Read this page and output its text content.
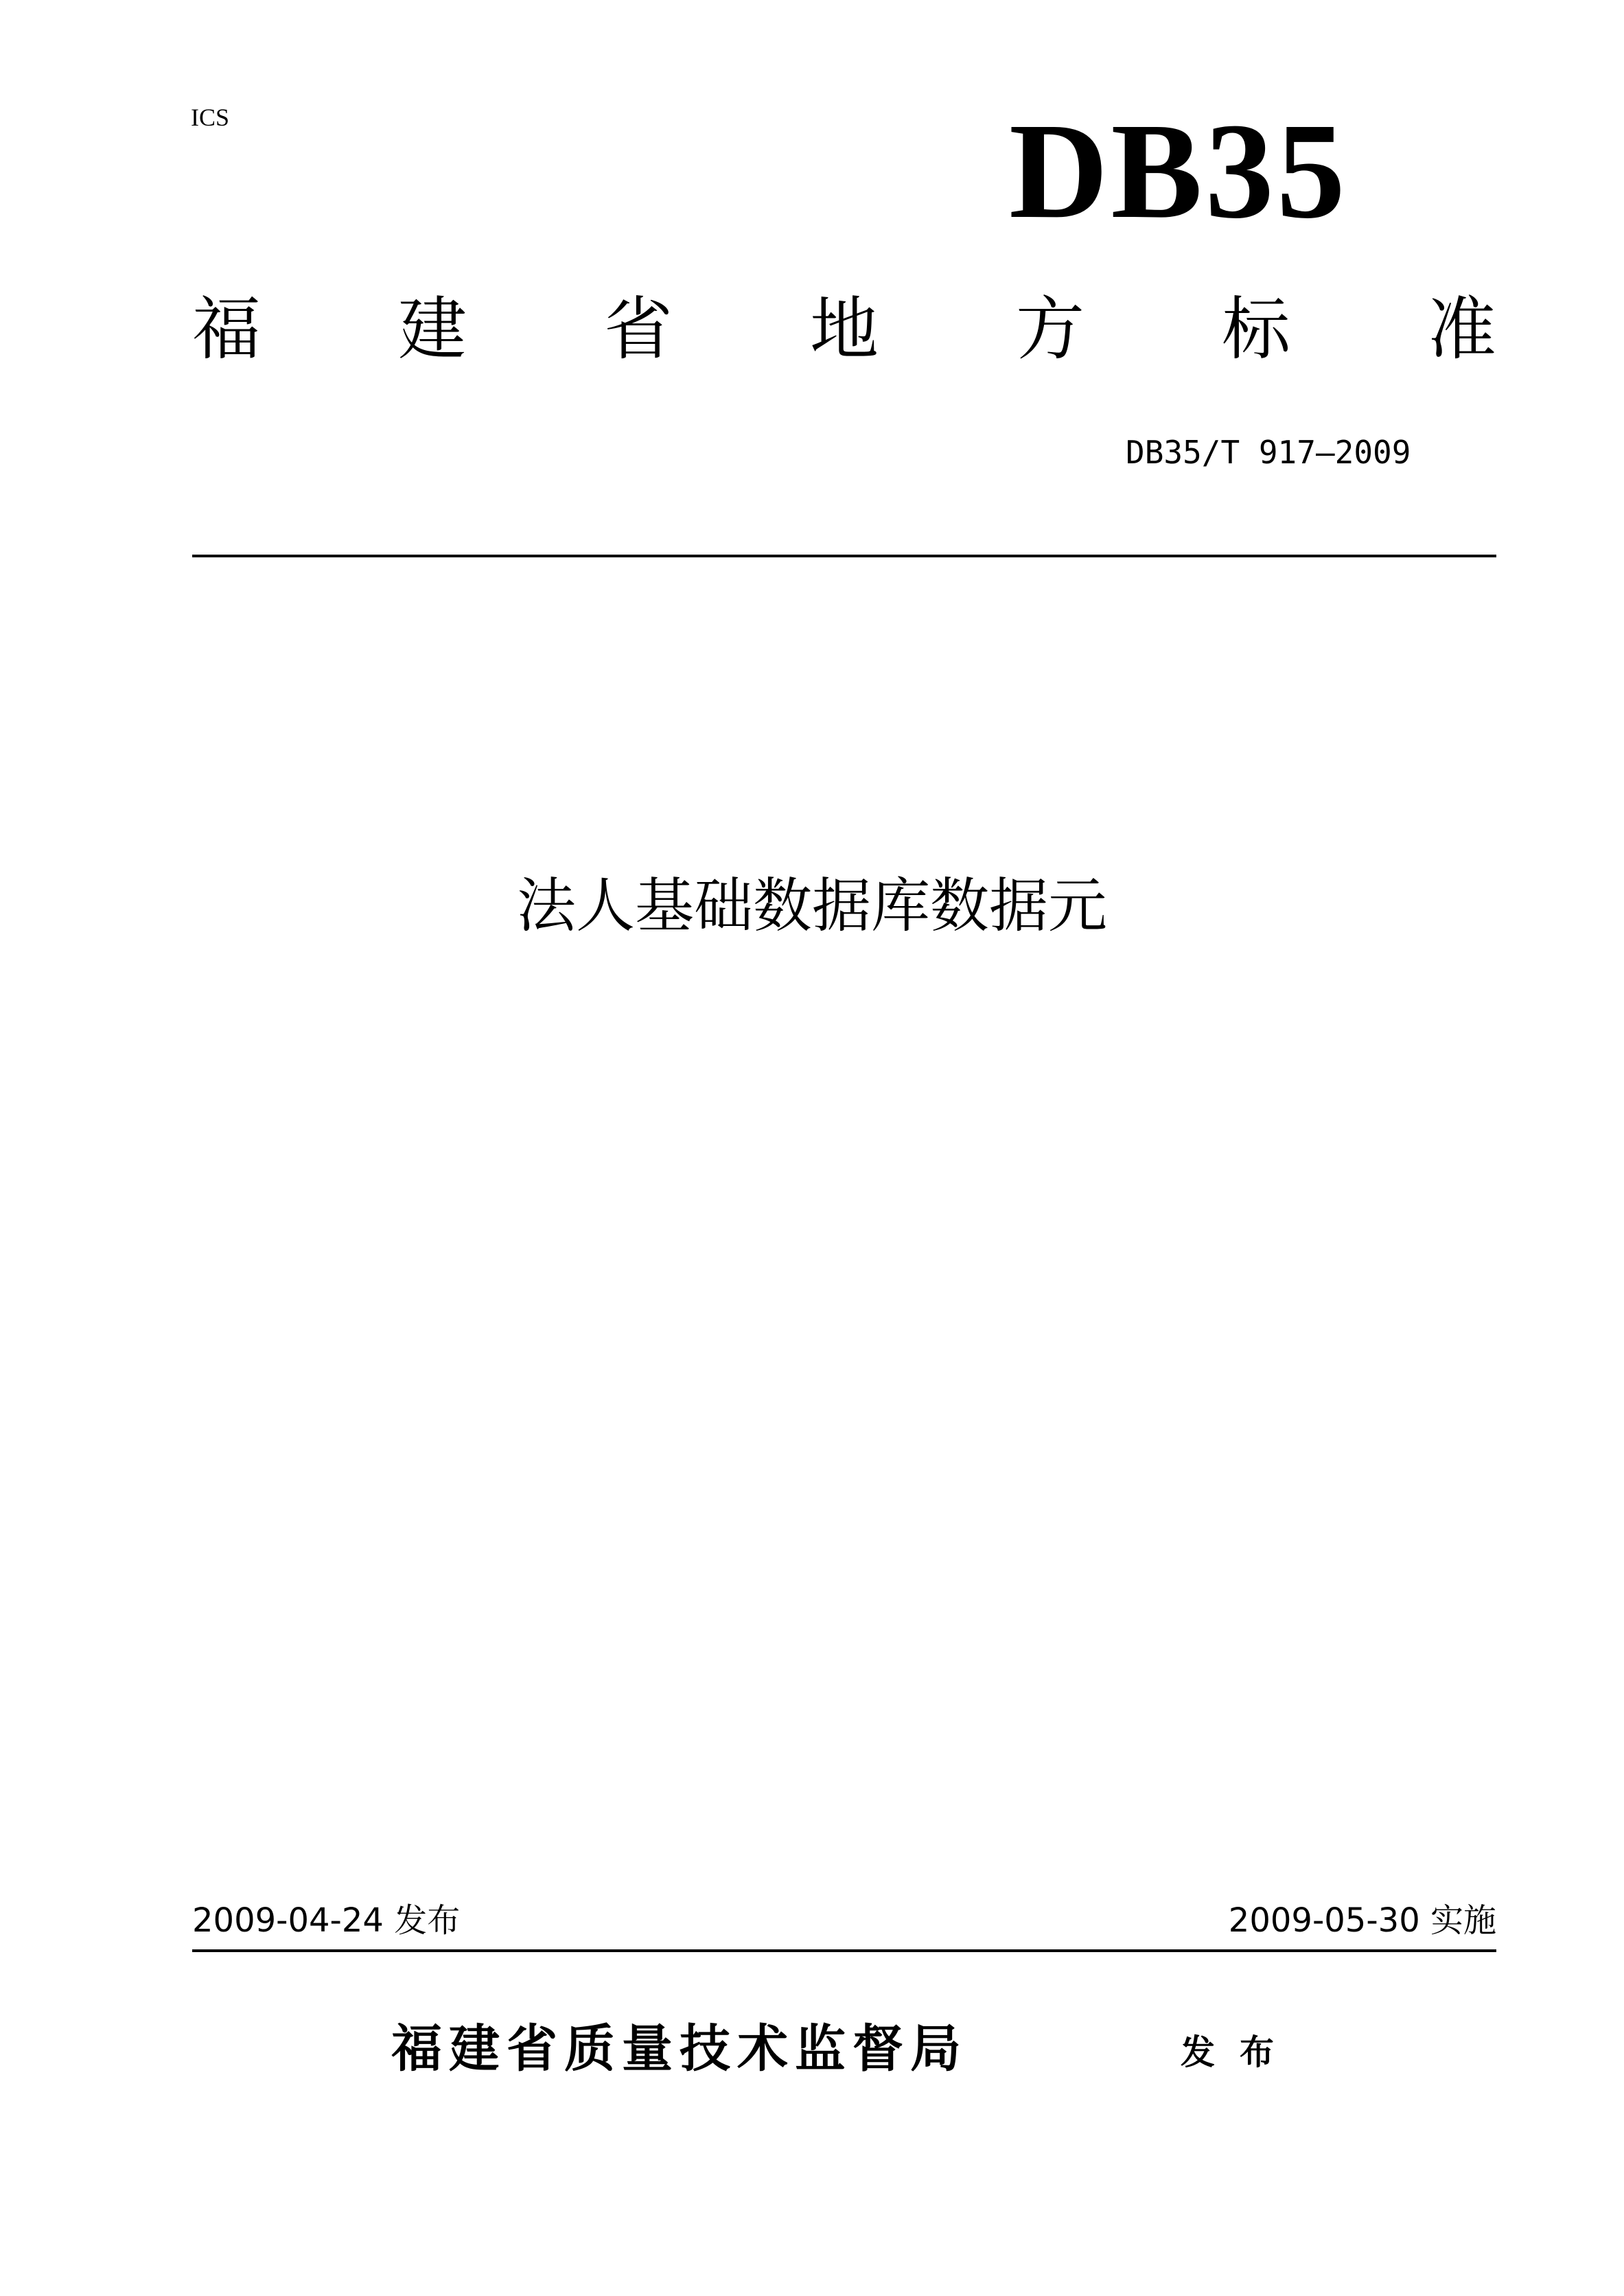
ICS	DB35
福 建 省 地 方 标 准
DB35/T 917—2009
法人基础数据库数据元
2009-04-24 发布	2009-05-30 实施
福建省质量技术监督局	发布
